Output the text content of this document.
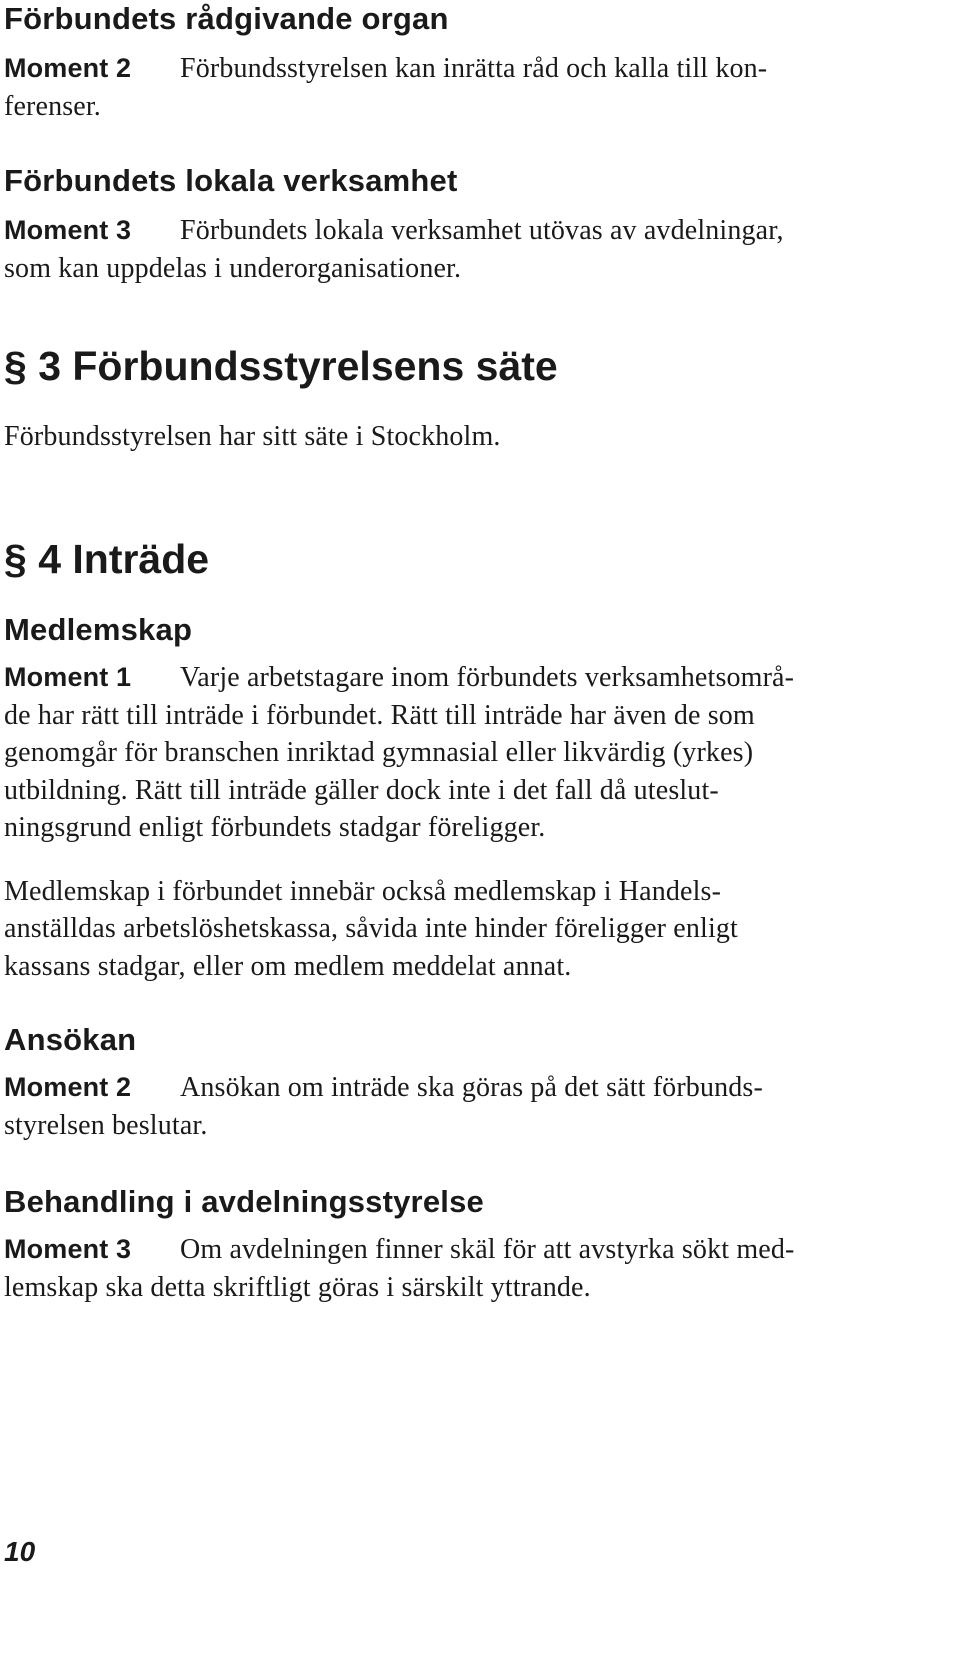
Förbundets rådgivande organ

Moment 2 Förbundsstyrelsen kan inrätta råd och kalla till kon-
ferenser.

Förbundets lokala verksamhet

Moment 3 Förbundets lokala verksamhet utövas av avdelningar,
som kan uppdelas i underorganisationer.

§ 3 Förbundsstyrelsens säte

Förbundsstyrelsen har sitt säte i Stockholm.

§ 4 Inträde
Medlemskap

Moment 1 Varje arbetstagare inom förbundets verksamhetsområ-
de har rätt till inträde i förbundet. Rätt till inträde har även de som
genomgår för branschen inriktad gymnasial eller likvärdig (yrkes)
utbildning. Rätt till inträde gäller dock inte i det fall då uteslut-
ningsgrund enligt förbundets stadgar föreligger.

Medlemskap i förbundet innebär också medlemskap i Handels-
anställdas arbetslöshetskassa, såvida inte hinder föreligger enligt
kassans stadgar, eller om medlem meddelat annat.

Ansökan

Moment 2 Ansökan om inträde ska göras på det sätt förbunds-
styrelsen beslutar.

Behandling i avdelningsstyrelse

Moment 3 Om avdelningen finner skäl för att avstyrka sökt med-
lemskap ska detta skriftligt göras i särskilt yttrande.

10
